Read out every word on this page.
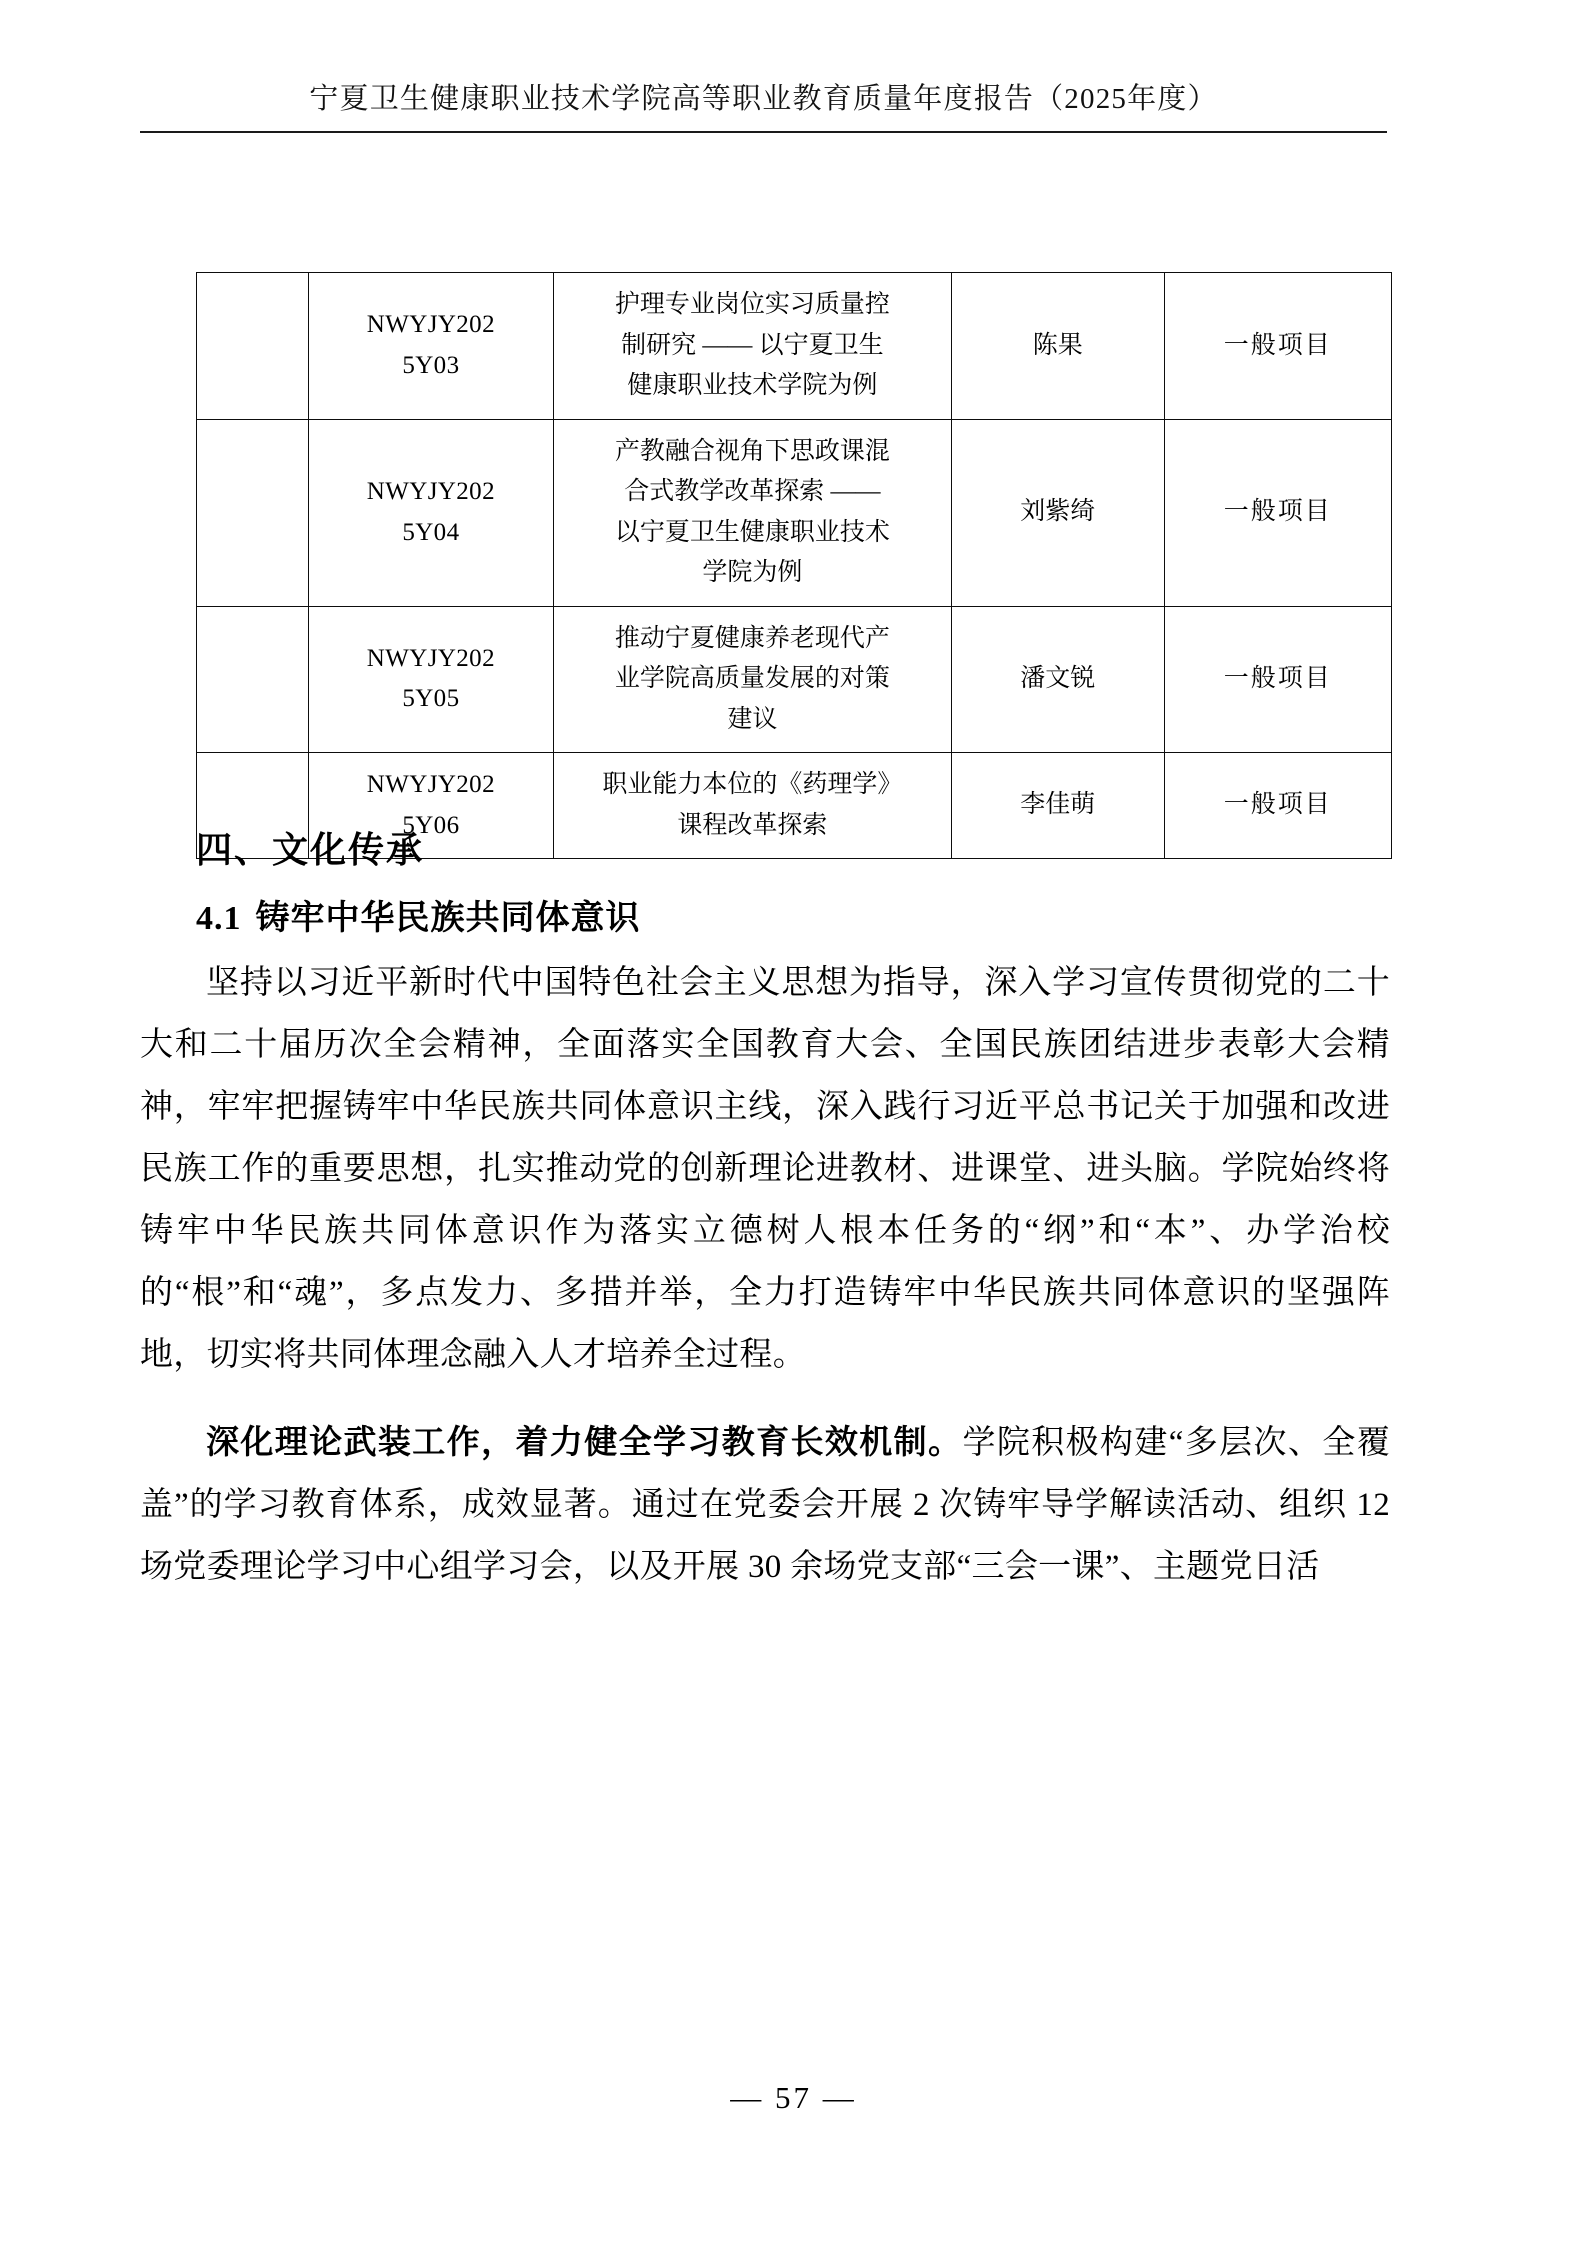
宁夏卫生健康职业技术学院高等职业教育质量年度报告（2025年度）

	NWYJY202
5Y03	护理专业岗位实习质量控
制研究 —— 以宁夏卫生
健康职业技术学院为例	陈果	一般项目

	NWYJY202
5Y04	产教融合视角下思政课混
合式教学改革探索 ——
以宁夏卫生健康职业技术
学院为例	刘紫绮	一般项目

	NWYJY202
5Y05	推动宁夏健康养老现代产
业学院高质量发展的对策
建议	潘文锐	一般项目

	NWYJY202
5Y06	职业能力本位的《药理学》
课程改革探索	李佳萌	一般项目
四、文化传承
4.1 铸牢中华民族共同体意识

坚持以习近平新时代中国特色社会主义思想为指导，深入学习宣传贯彻党的二十大和二十届历次全会精神，全面落实全国教育大会、全国民族团结进步表彰大会精神，牢牢把握铸牢中华民族共同体意识主线，深入践行习近平总书记关于加强和改进民族工作的重要思想，扎实推动党的创新理论进教材、进课堂、进头脑。学院始终将铸牢中华民族共同体意识作为落实立德树人根本任务的“纲”和“本”、办学治校的“根”和“魂”，多点发力、多措并举，全力打造铸牢中华民族共同体意识的坚强阵地，切实将共同体理念融入人才培养全过程。

深化理论武装工作，着力健全学习教育长效机制。学院积极构建“多层次、全覆盖”的学习教育体系，成效显著。通过在党委会开展 2 次铸牢导学解读活动、组织 12 场党委理论学习中心组学习会，以及开展 30 余场党支部“三会一课”、主题党日活

— 57 —
